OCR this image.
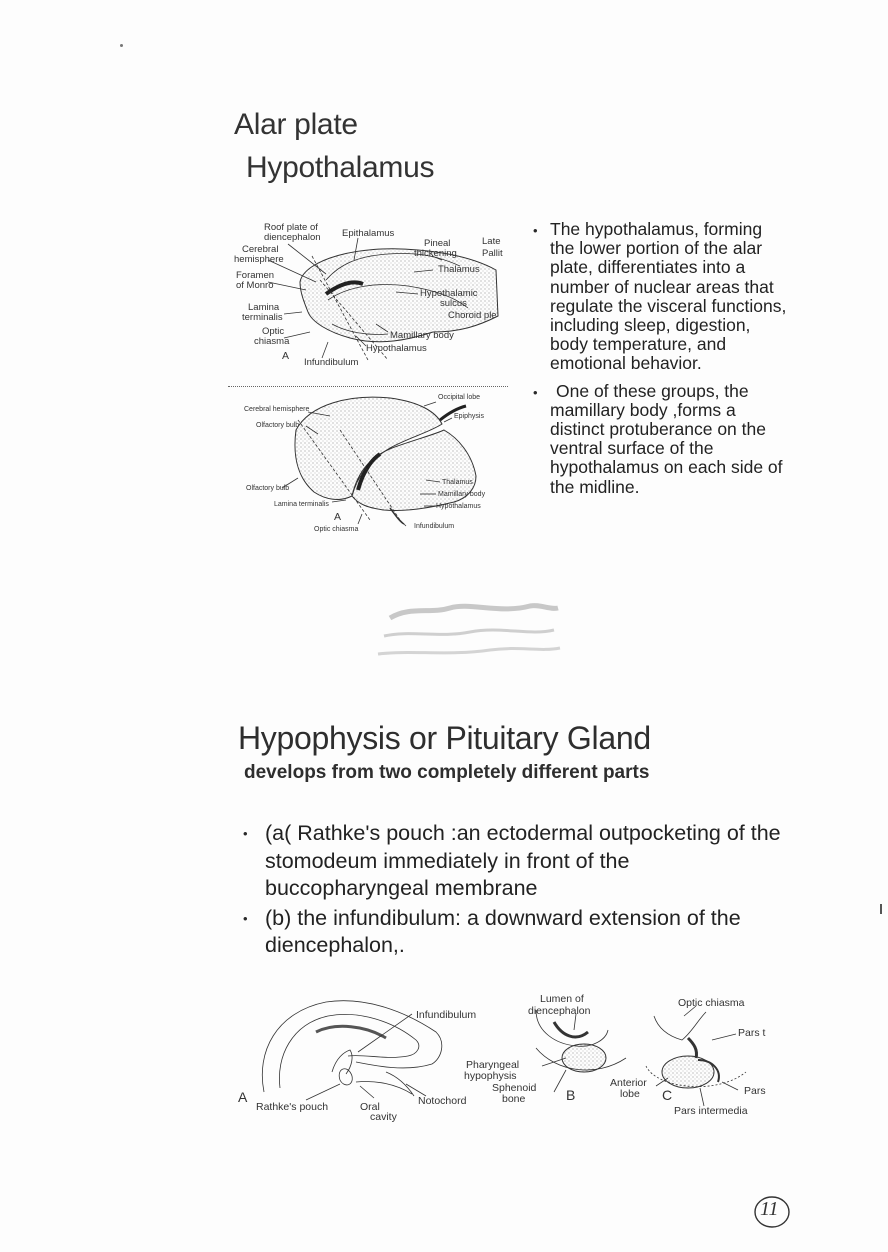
Alar plate
Hypothalamus
Roof plate of
diencephalon Epithalamus
Cerebral
hemisphere
Pineal
thickening
Late
Pallit
Thalamus
Foramen
of Monro
Hypothalamic
sulcus
Lamina
terminalis	Choroid ple
Optic
chiasma
Mamillary body
Hypothalamus
Infundibulum
A
Occipital lobe
Cerebral hemisphere
Epiphysis
Olfactory bulb
Thalamus
Olfactory bulb
Mamillary body
Lamina terminalis	Hypothalamus
A
Optic chiasma	Infundibulum
• The hypothalamus, forming the lower portion of the alar plate, differentiates into a number of nuclear areas that regulate the visceral functions, including sleep, digestion, body temperature, and emotional behavior.

•	One of these groups, the mamillary body ,forms a distinct protuberance on the ventral surface of the hypothalamus on each side of the midline.

Hypophysis or Pituitary Gland
develops from two completely different parts
• (a( Rathke's pouch :an ectodermal outpocketing of the stomodeum immediately in front of the buccopharyngeal membrane

• (b) the infundibulum: a downward extension of the diencephalon,.

Infundibulum
A
Rathke's pouch	Oral
cavity
Notochord
Lumen of
diencephalon
Pharyngeal
hypophysis
Sphenoid
bone	B
Optic chiasma
Pars t
Anterior
lobe C	Pars
Pars intermedia
11
